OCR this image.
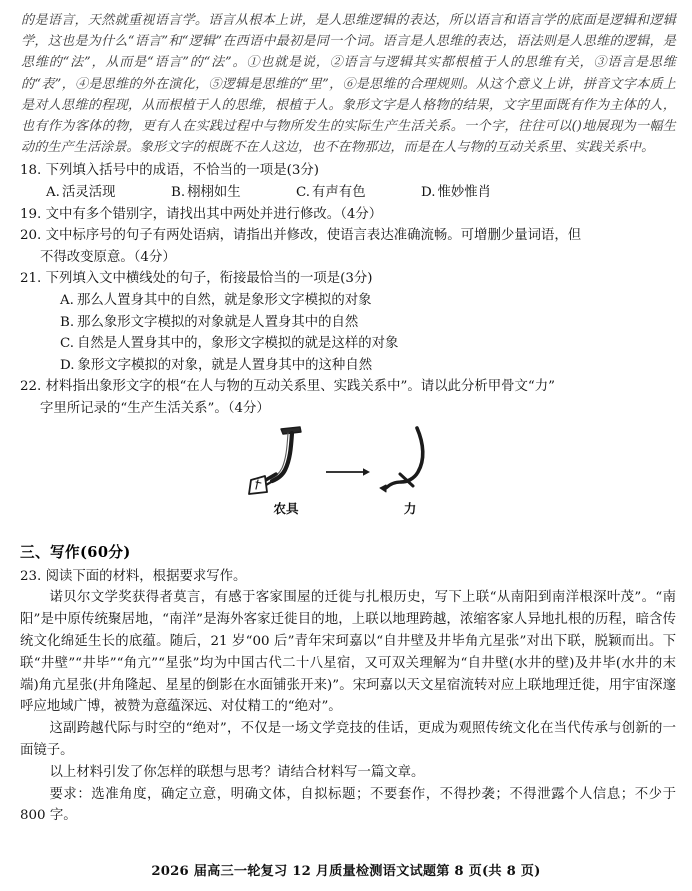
的是语言，天然就重视语言学。语言从根本上讲，是人思维逻辑的表达，所以语言和语言学的底面是逻辑和逻辑学，这也是为什么“语言”和“逻辑”在西语中最初是同一个词。语言是人思维的表达，语法则是人思维的逻辑，是思维的“法”，从而是“语言”的“法”。①也就是说，②语言与逻辑其实都根植于人的思维有关，③语言是思维的“表”，④是思维的外在演化，⑤逻辑是思维的“里”，⑥是思维的合理规则。从这个意义上讲，拼音文字本质上是对人思维的程现，从而根植于人的思维，根植于人。象形文字是人格物的结果，文字里面既有作为主体的人，也有作为客体的物，更有人在实践过程中与物所发生的实际生产生活关系。一个字，往往可以()地展现为一幅生动的生产生活涂景。象形文字的根既不在人这边，也不在物那边，而是在人与物的互动关系里、实践关系中。

18. 下列填入括号中的成语，不恰当的一项是(3分)
A. 活灵活现	B. 栩栩如生	C. 有声有色	D. 惟妙惟肖
19. 文中有多个错别字，请找出其中两处并进行修改。（4分）
20. 文中标序号的句子有两处语病，请指出并修改，使语言表达准确流畅。可增删少量词语，但
不得改变原意。（4分）
21. 下列填入文中横线处的句子，衔接最恰当的一项是(3分)
A. 那么人置身其中的自然，就是象形文字模拟的对象
B. 那么象形文字模拟的对象就是人置身其中的自然
C. 自然是人置身其中的，象形文字模拟的就是这样的对象
D. 象形文字模拟的对象，就是人置身其中的这种自然
22. 材料指出象形文字的根“在人与物的互动关系里、实践关系中”。请以此分析甲骨文“力”
字里所记录的“生产生活关系”。（4分）
农具	力
三、写作(60分)
23. 阅读下面的材料，根据要求写作。
诺贝尔文学奖获得者莫言，有感于客家围屋的迁徙与扎根历史，写下上联“从南阳到南洋根深叶茂”。“南阳”是中原传统聚居地，“南洋”是海外客家迁徙目的地，上联以地理跨越，浓缩客家人异地扎根的历程，暗含传统文化绵延生长的底蕴。随后，21 岁“00 后”青年宋珂嘉以“自井壁及井毕角亢星张”对出下联，脱颖而出。下联“井壁”“井毕”“角亢”“星张”均为中国古代二十八星宿，又可双关理解为“自井壁(水井的壁)及井毕(水井的末端)角亢星张(井角隆起、星星的倒影在水面铺张开来)”。宋珂嘉以天文星宿流转对应上联地理迁徙，用宇宙深邃呼应地域广博，被赞为意蕴深远、对仗精工的“绝对”。
这副跨越代际与时空的“绝对”，不仅是一场文学竞技的佳话，更成为观照传统文化在当代传承与创新的一面镜子。
以上材料引发了你怎样的联想与思考？请结合材料写一篇文章。
要求：选准角度，确定立意，明确文体，自拟标题；不要套作，不得抄袭；不得泄露个人信息；不少于 800 字。
2026 届高三一轮复习 12 月质量检测语文试题第 8 页(共 8 页)
